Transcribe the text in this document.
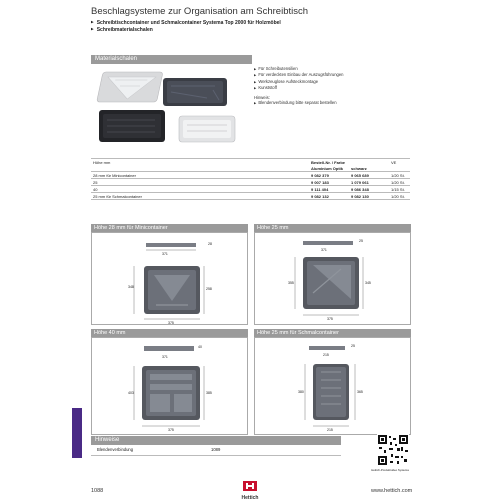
Beschlagsysteme zur Organisation am Schreibtisch
▶ Schreibtischcontainer und Schmalcontainer Systema Top 2000 für Holzmöbel
▶ Schreibmaterialschalen
Materialschalen
▶ Für Schreibutensilien
▶ Für verdeckten Einbau der Auszugsführungen
▶ Werkzeuglose Aufsteckmontage
▶ Kunststoff
Hinweis:
▶ Blendenverbindung bitte separat bestellen
Höhe mm	Bestell-Nr. / Farbe		VE
	Aluminium Optik	schwarz	
28 mm für Minicontainer	9 082 379	9 065 689	1/20 St.
25	9 007 183	1 079 061	1/20 St.
40	9 111 404	9 086 348	1/15 St.
25 mm für Schmalcontainer	9 082 132	9 082 130	1/20 St.
Höhe 28 mm für Minicontainer
371
28
348	258
375
Höhe 25 mm
371
25
355	345
375
Höhe 40 mm
371
40
403	385
375
Höhe 25 mm für Schmalcontainer
215
25
380	365
215
Hinweise
Blendenverbindung	1089
Hettich-Produktvideo Systema
1088
Hettich
www.hettich.com
